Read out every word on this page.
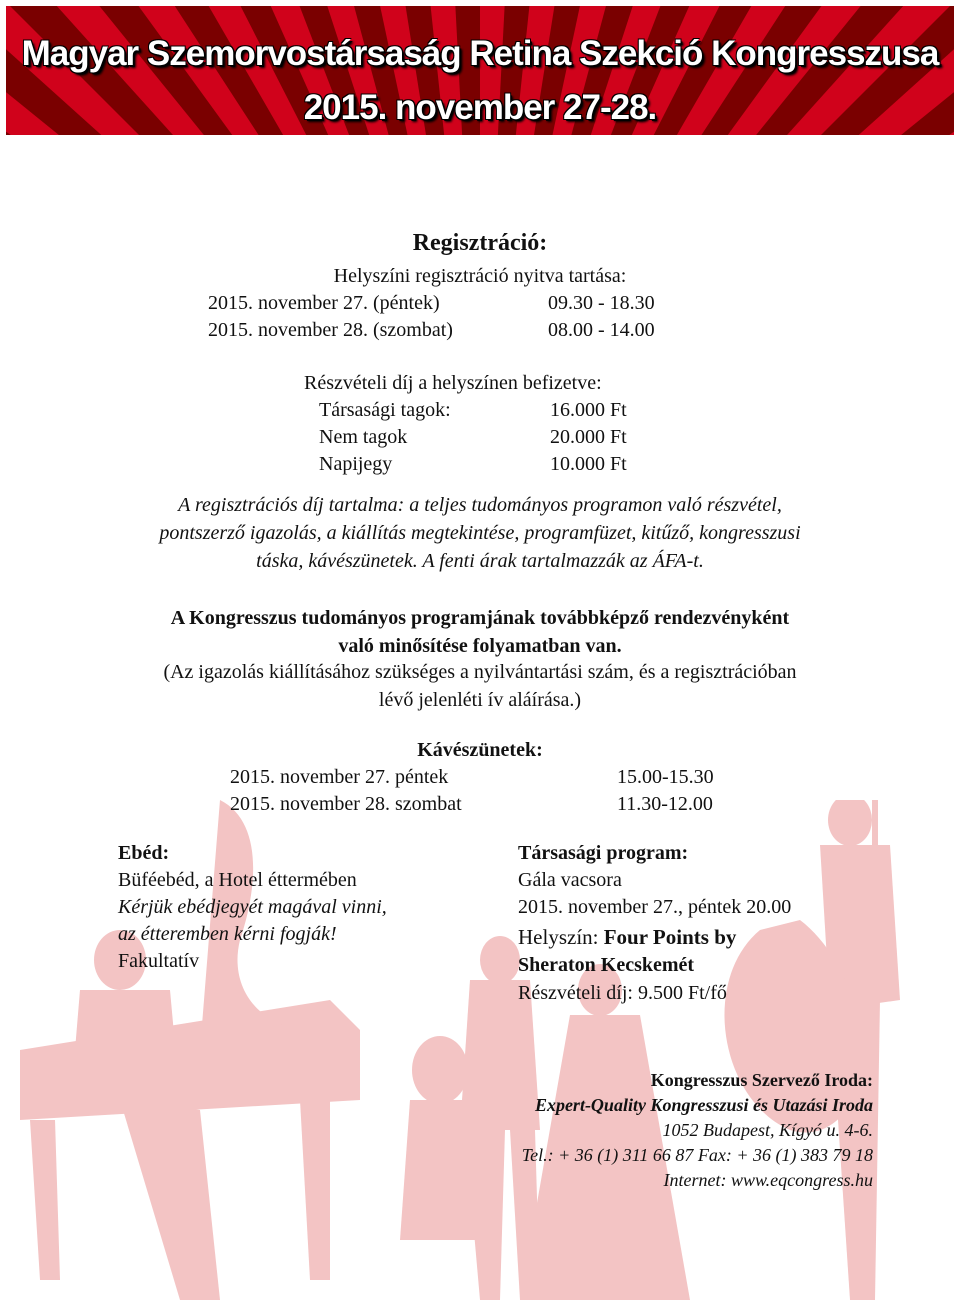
Magyar Szemorvostársaság Retina Szekció Kongresszusa
2015. november 27-28.
Regisztráció:
Helyszíni regisztráció nyitva tartása:
2015. november 27. (péntek)	09.30 - 18.30
2015. november 28. (szombat)	08.00 - 14.00
Részvételi díj a helyszínen befizetve:
Társasági tagok:	16.000 Ft
Nem tagok	20.000 Ft
Napijegy	10.000 Ft
A regisztrációs díj tartalma: a teljes tudományos programon való részvétel,
pontszerző igazolás, a kiállítás megtekintése, programfüzet, kitűző, kongresszusi
táska, kávészünetek. A fenti árak tartalmazzák az ÁFA-t.
A Kongresszus tudományos programjának továbbképző rendezvényként
való minősítése folyamatban van.
(Az igazolás kiállításához szükséges a nyilvántartási szám, és a regisztrációban
lévő jelenléti ív aláírása.)
Kávészünetek:
2015. november 27. péntek	15.00-15.30
2015. november 28. szombat	11.30-12.00
Ebéd:
Büféebéd, a Hotel éttermében
Kérjük ebédjegyét magával vinni,
az étteremben kérni fogják!
Fakultatív
Társasági program:
Gála vacsora
2015. november 27., péntek 20.00
Helyszín: Four Points by
Sheraton Kecskemét
Részvételi díj: 9.500 Ft/fő
Kongresszus Szervező Iroda:
Expert-Quality Kongresszusi és Utazási Iroda
1052 Budapest, Kígyó u. 4-6.
Tel.: + 36 (1) 311 66 87 Fax: + 36 (1) 383 79 18
Internet: www.eqcongress.hu
